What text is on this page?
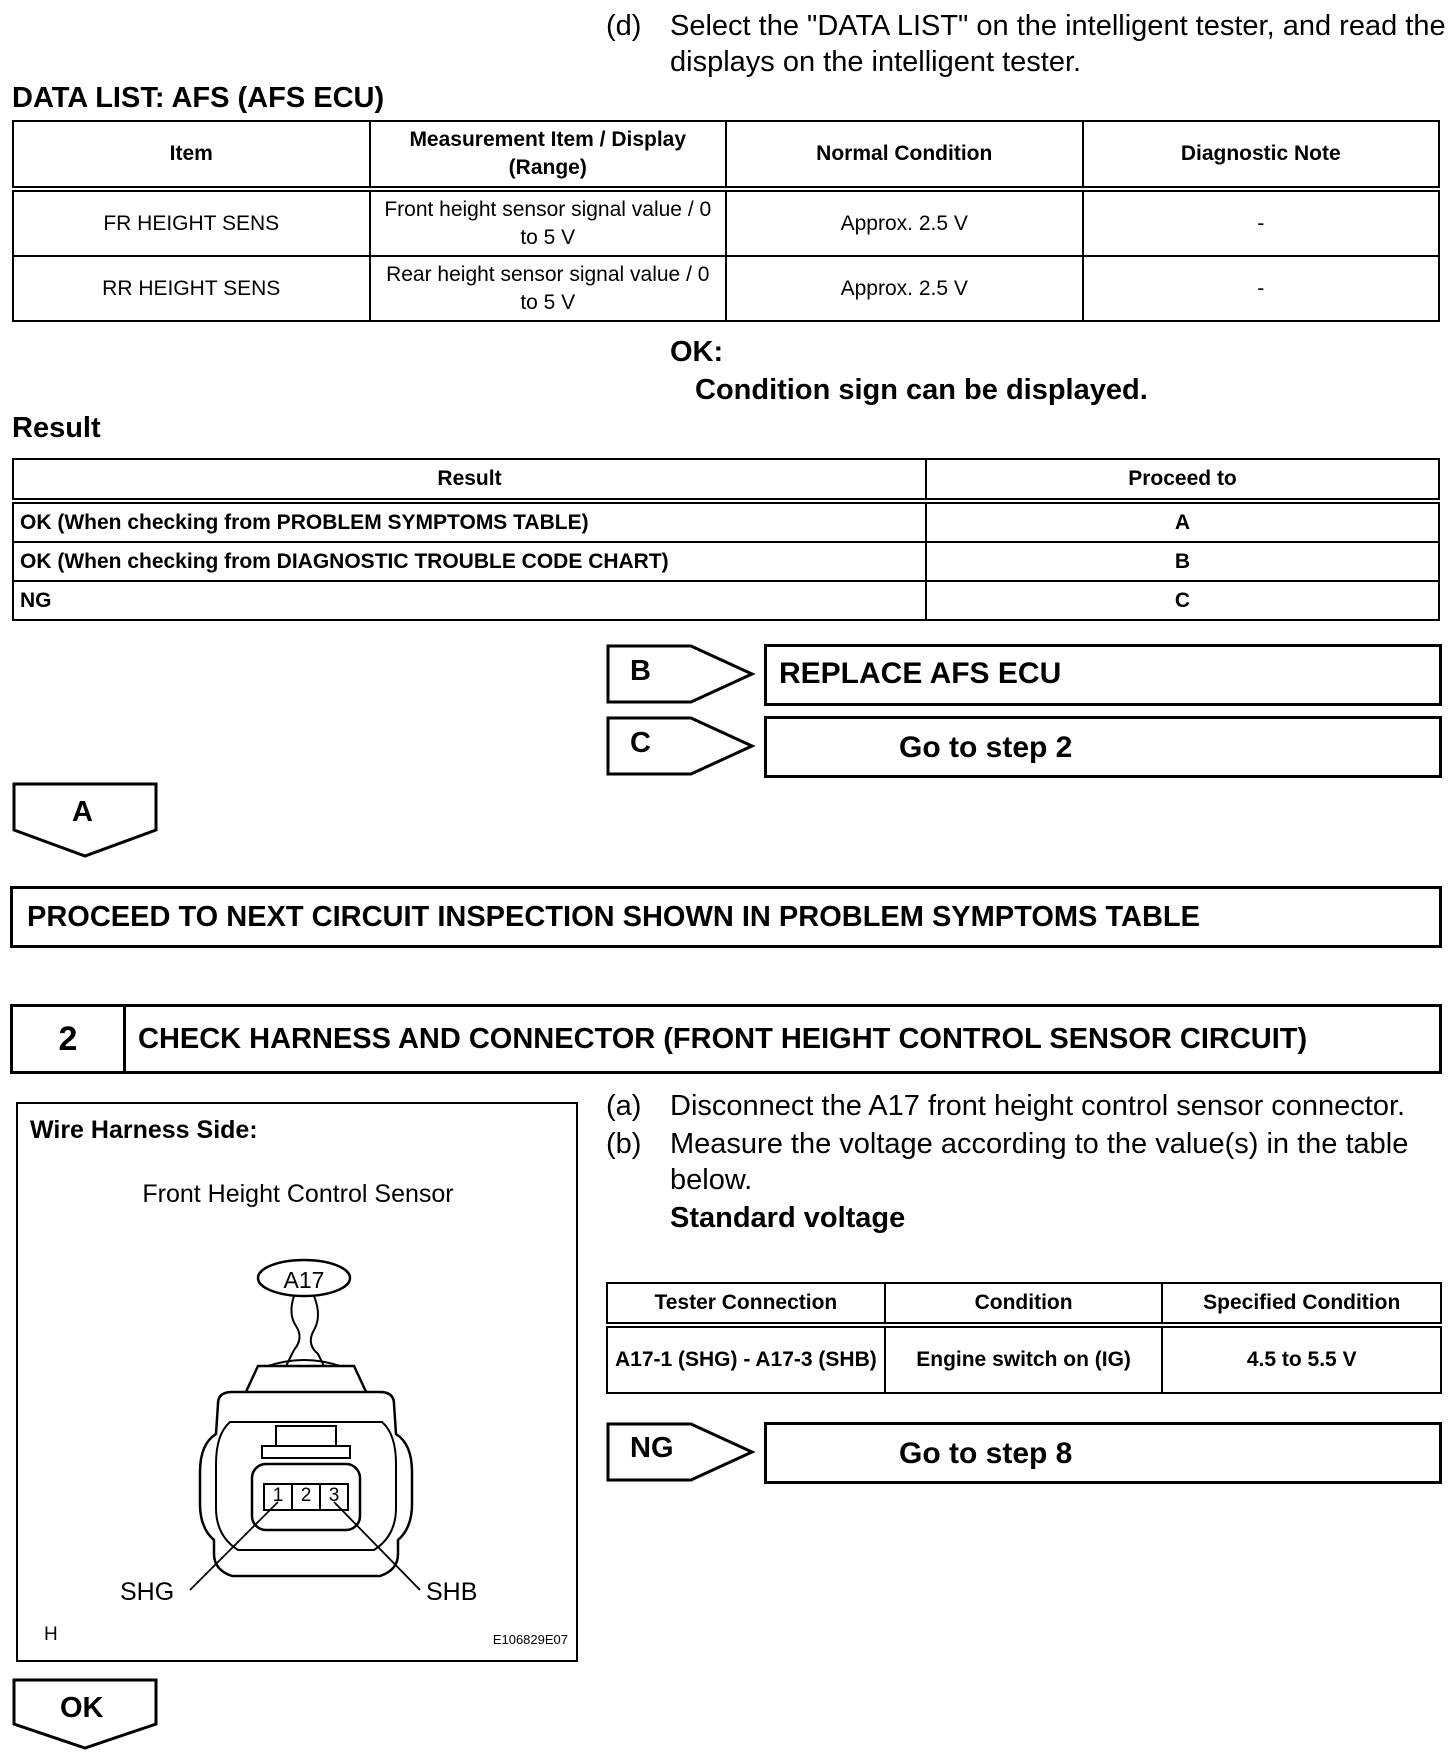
(d) Select the "DATA LIST" on the intelligent tester, and read the displays on the intelligent tester.
DATA LIST: AFS (AFS ECU)
Item	Measurement Item / Display (Range)	Normal Condition	Diagnostic Note
FR HEIGHT SENS	Front height sensor signal value / 0 to 5 V	Approx. 2.5 V	-
RR HEIGHT SENS	Rear height sensor signal value / 0 to 5 V	Approx. 2.5 V	-
OK:
Condition sign can be displayed.
Result
Result	Proceed to
OK (When checking from PROBLEM SYMPTOMS TABLE)	A
OK (When checking from DIAGNOSTIC TROUBLE CODE CHART)	B
NG	C
B	REPLACE AFS ECU
C	Go to step 2
A
PROCEED TO NEXT CIRCUIT INSPECTION SHOWN IN PROBLEM SYMPTOMS TABLE
2	CHECK HARNESS AND CONNECTOR (FRONT HEIGHT CONTROL SENSOR CIRCUIT)
Wire Harness Side:
Front Height Control Sensor
A17
1 2 3
SHG	SHB
H	E106829E07
(a) Disconnect the A17 front height control sensor connector.
(b) Measure the voltage according to the value(s) in the table below.
Standard voltage
Tester Connection	Condition	Specified Condition
A17-1 (SHG) - A17-3 (SHB)	Engine switch on (IG)	4.5 to 5.5 V
NG	Go to step 8
OK
